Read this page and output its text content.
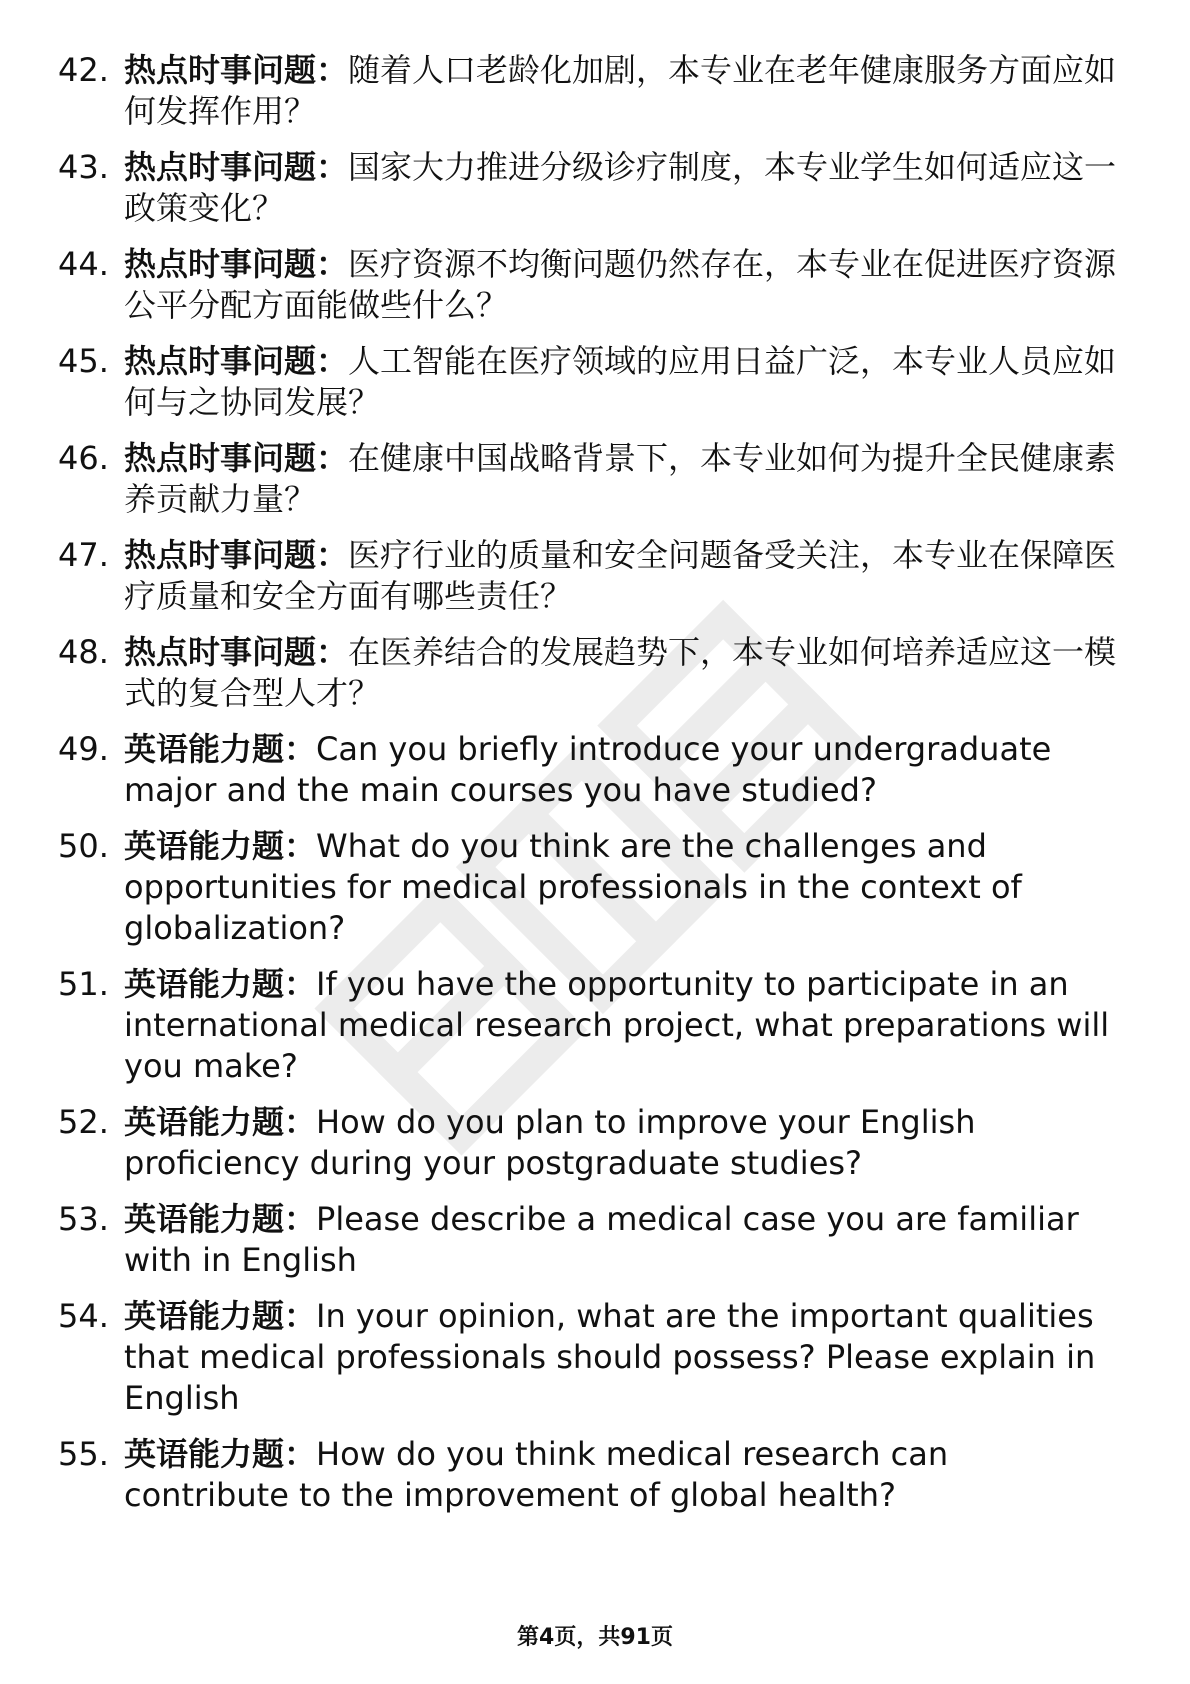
42. 热点时事问题：随着人口老龄化加剧，本专业在老年健康服务方面应如何发挥作用？
43. 热点时事问题：国家大力推进分级诊疗制度，本专业学生如何适应这一政策变化？
44. 热点时事问题：医疗资源不均衡问题仍然存在，本专业在促进医疗资源公平分配方面能做些什么？
45. 热点时事问题：人工智能在医疗领域的应用日益广泛，本专业人员应如何与之协同发展？
46. 热点时事问题：在健康中国战略背景下，本专业如何为提升全民健康素养贡献力量？
47. 热点时事问题：医疗行业的质量和安全问题备受关注，本专业在保障医疗质量和安全方面有哪些责任？
48. 热点时事问题：在医养结合的发展趋势下，本专业如何培养适应这一模式的复合型人才？
49. 英语能力题：Can you briefly introduce your undergraduate major and the main courses you have studied?
50. 英语能力题：What do you think are the challenges and opportunities for medical professionals in the context of globalization?
51. 英语能力题：If you have the opportunity to participate in an international medical research project, what preparations will you make?
52. 英语能力题：How do you plan to improve your English proficiency during your postgraduate studies?
53. 英语能力题：Please describe a medical case you are familiar with in English
54. 英语能力题：In your opinion, what are the important qualities that medical professionals should possess? Please explain in English
55. 英语能力题：How do you think medical research can contribute to the improvement of global health?
第4页，共91页
